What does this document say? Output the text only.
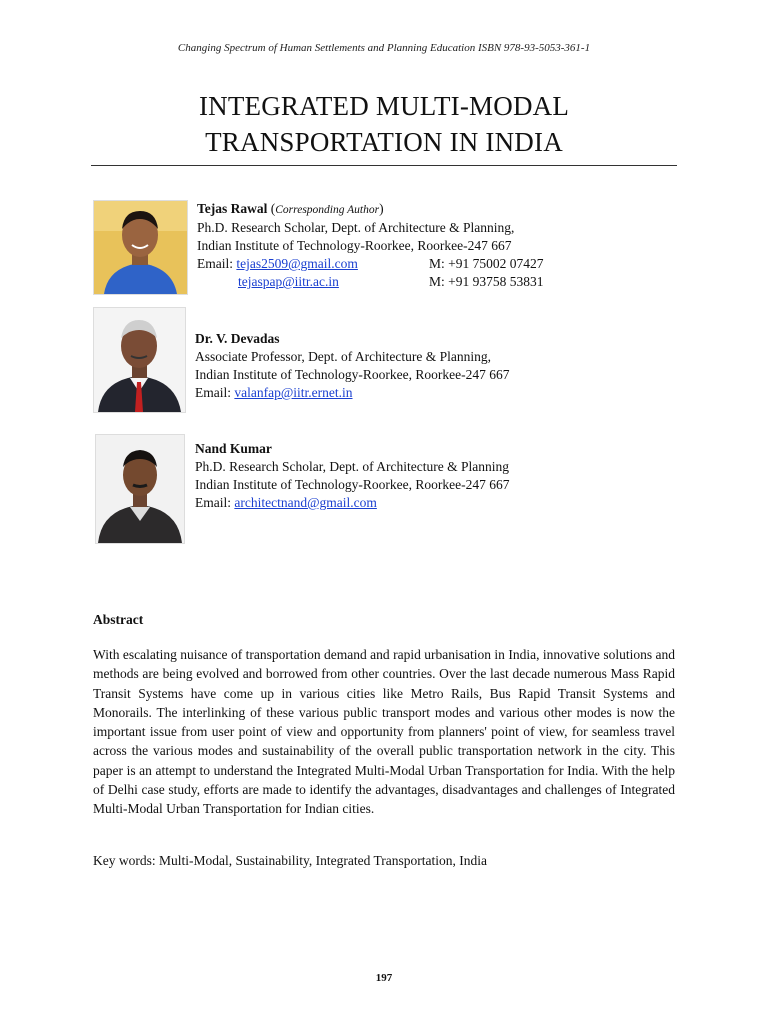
Changing Spectrum of Human Settlements and Planning Education ISBN 978-93-5053-361-1
INTEGRATED MULTI-MODAL
TRANSPORTATION IN INDIA
Tejas Rawal (Corresponding Author)
Ph.D. Research Scholar, Dept. of Architecture & Planning,
Indian Institute of Technology-Roorkee, Roorkee-247 667
Email: tejas2509@gmail.com	M: +91 75002 07427
tejaspap@iitr.ac.in	M: +91 93758 53831
Dr. V. Devadas
Associate Professor, Dept. of Architecture & Planning,
Indian Institute of Technology-Roorkee, Roorkee-247 667
Email: valanfap@iitr.ernet.in
Nand Kumar
Ph.D. Research Scholar, Dept. of Architecture & Planning
Indian Institute of Technology-Roorkee, Roorkee-247 667
Email: architectnand@gmail.com
Abstract
With escalating nuisance of transportation demand and rapid urbanisation in India, innovative solutions and methods are being evolved and borrowed from other countries. Over the last decade numerous Mass Rapid Transit Systems have come up in various cities like Metro Rails, Bus Rapid Transit Systems and Monorails. The interlinking of these various public transport modes and various other modes is now the important issue from user point of view and opportunity from planners' point of view, for seamless travel across the various modes and sustainability of the overall public transportation network in the city. This paper is an attempt to understand the Integrated Multi-Modal Urban Transportation for India. With the help of Delhi case study, efforts are made to identify the advantages, disadvantages and challenges of Integrated Multi-Modal Urban Transportation for Indian cities.
Key words: Multi-Modal, Sustainability, Integrated Transportation, India
197
